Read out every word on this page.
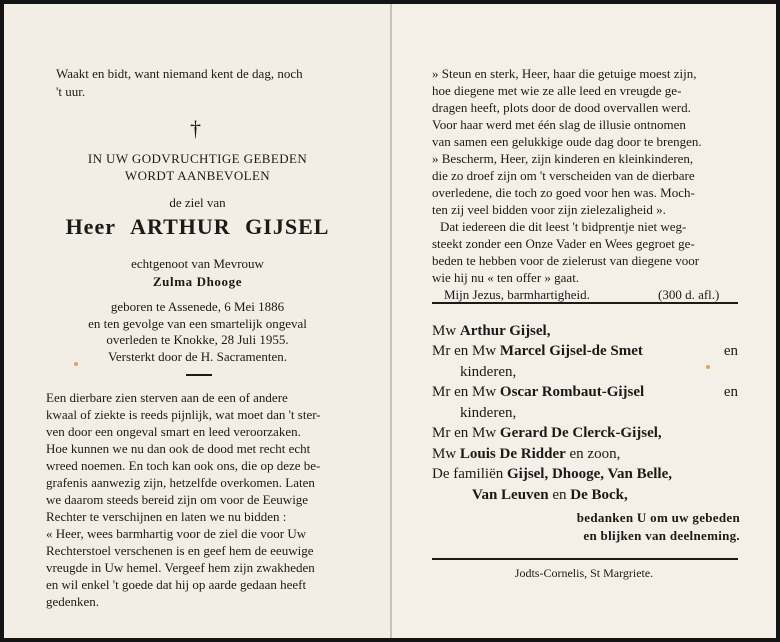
Waakt en bidt, want niemand kent de dag, noch
't uur.
†
IN UW GODVRUCHTIGE GEBEDEN
WORDT AANBEVOLEN
de ziel van
Heer ARTHUR GIJSEL
echtgenoot van Mevrouw
Zulma Dhooge
geboren te Assenede, 6 Mei 1886
en ten gevolge van een smartelijk ongeval
overleden te Knokke, 28 Juli 1955.
Versterkt door de H. Sacramenten.
Een dierbare zien sterven aan de een of andere
kwaal of ziekte is reeds pijnlijk, wat moet dan 't ster-
ven door een ongeval smart en leed veroorzaken.
Hoe kunnen we nu dan ook de dood met recht echt
wreed noemen. En toch kan ook ons, die op deze be-
grafenis aanwezig zijn, hetzelfde overkomen. Laten
we daarom steeds bereid zijn om voor de Eeuwige
Rechter te verschijnen en laten we nu bidden :
« Heer, wees barmhartig voor de ziel die voor Uw
Rechterstoel verschenen is en geef hem de eeuwige
vreugde in Uw hemel. Vergeef hem zijn zwakheden
en wil enkel 't goede dat hij op aarde gedaan heeft
gedenken.
» Steun en sterk, Heer, haar die getuige moest zijn,
hoe diegene met wie ze alle leed en vreugde ge-
dragen heeft, plots door de dood overvallen werd.
Voor haar werd met één slag de illusie ontnomen
van samen een gelukkige oude dag door te brengen.
» Bescherm, Heer, zijn kinderen en kleinkinderen,
die zo droef zijn om 't verscheiden van de dierbare
overledene, die toch zo goed voor hen was. Moch-
ten zij veel bidden voor zijn zielezaligheid ».
Dat iedereen die dit leest 't bidprentje niet weg-
steekt zonder een Onze Vader en Wees gegroet ge-
beden te hebben voor de zielerust van diegene voor
wie hij nu « ten offer » gaat.
Mijn Jezus, barmhartigheid.	(300 d. afl.)
Mw Arthur Gijsel,
Mr en Mw Marcel Gijsel-de Smet	en
kinderen,
Mr en Mw Oscar Rombaut-Gijsel	en
kinderen,
Mr en Mw Gerard De Clerck-Gijsel,
Mw Louis De Ridder en zoon,
De familiën Gijsel, Dhooge, Van Belle,
Van Leuven en De Bock,
bedanken U om uw gebeden
en blijken van deelneming.
Jodts-Cornelis, St Margriete.
